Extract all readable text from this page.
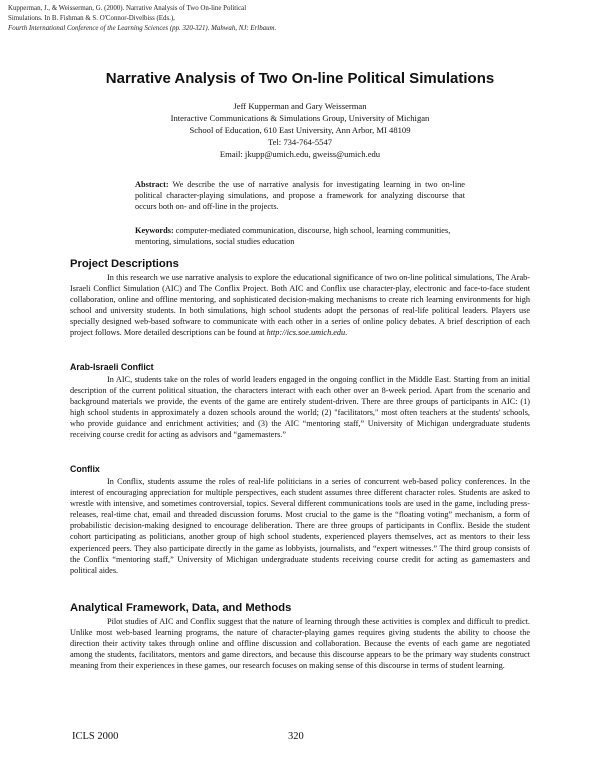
Kupperman, J., & Weisserman, G. (2000). Narrative Analysis of Two On-line Political
Simulations. In B. Fishman & S. O'Connor-Divelbiss (Eds.),
Fourth International Conference of the Learning Sciences (pp. 320-321). Mahwah, NJ: Erlbaum.
Narrative Analysis of Two On-line Political Simulations
Jeff Kupperman and Gary Weisserman
Interactive Communications & Simulations Group, University of Michigan
School of Education, 610 East University, Ann Arbor, MI 48109
Tel: 734-764-5547
Email: jkupp@umich.edu, gweiss@umich.edu
Abstract: We describe the use of narrative analysis for investigating learning in two on-line political character-playing simulations, and propose a framework for analyzing discourse that occurs both on- and off-line in the projects.
Keywords: computer-mediated communication, discourse, high school, learning communities, mentoring, simulations, social studies education
Project Descriptions
In this research we use narrative analysis to explore the educational significance of two on-line political simulations, The Arab-Israeli Conflict Simulation (AIC) and The Conflix Project. Both AIC and Conflix use character-play, electronic and face-to-face student collaboration, online and offline mentoring, and sophisticated decision-making mechanisms to create rich learning environments for high school and university students. In both simulations, high school students adopt the personas of real-life political leaders. Players use specially designed web-based software to communicate with each other in a series of online policy debates. A brief description of each project follows. More detailed descriptions can be found at http://ics.soe.umich.edu.
Arab-Israeli Conflict
In AIC, students take on the roles of world leaders engaged in the ongoing conflict in the Middle East. Starting from an initial description of the current political situation, the characters interact with each other over an 8-week period. Apart from the scenario and background materials we provide, the events of the game are entirely student-driven. There are three groups of participants in AIC: (1) high school students in approximately a dozen schools around the world; (2) "facilitators," most often teachers at the students' schools, who provide guidance and enrichment activities; and (3) the AIC “mentoring staff,” University of Michigan undergraduate students receiving course credit for acting as advisors and “gamemasters.”
Conflix
In Conflix, students assume the roles of real-life politicians in a series of concurrent web-based policy conferences. In the interest of encouraging appreciation for multiple perspectives, each student assumes three different character roles. Students are asked to wrestle with intensive, and sometimes controversial, topics. Several different communications tools are used in the game, including press-releases, real-time chat, email and threaded discussion forums. Most crucial to the game is the “floating voting” mechanism, a form of probabilistic decision-making designed to encourage deliberation. There are three groups of participants in Conflix. Beside the student cohort participating as politicians, another group of high school students, experienced players themselves, act as mentors to their less experienced peers. They also participate directly in the game as lobbyists, journalists, and “expert witnesses.” The third group consists of the Conflix “mentoring staff,” University of Michigan undergraduate students receiving course credit for acting as gamemasters and political aides.
Analytical Framework, Data, and Methods
Pilot studies of AIC and Conflix suggest that the nature of learning through these activities is complex and difficult to predict. Unlike most web-based learning programs, the nature of character-playing games requires giving students the ability to choose the direction their activity takes through online and offline discussion and collaboration. Because the events of each game are negotiated among the students, facilitators, mentors and game directors, and because this discourse appears to be the primary way students construct meaning from their experiences in these games, our research focuses on making sense of this discourse in terms of student learning.
ICLS 2000	320
